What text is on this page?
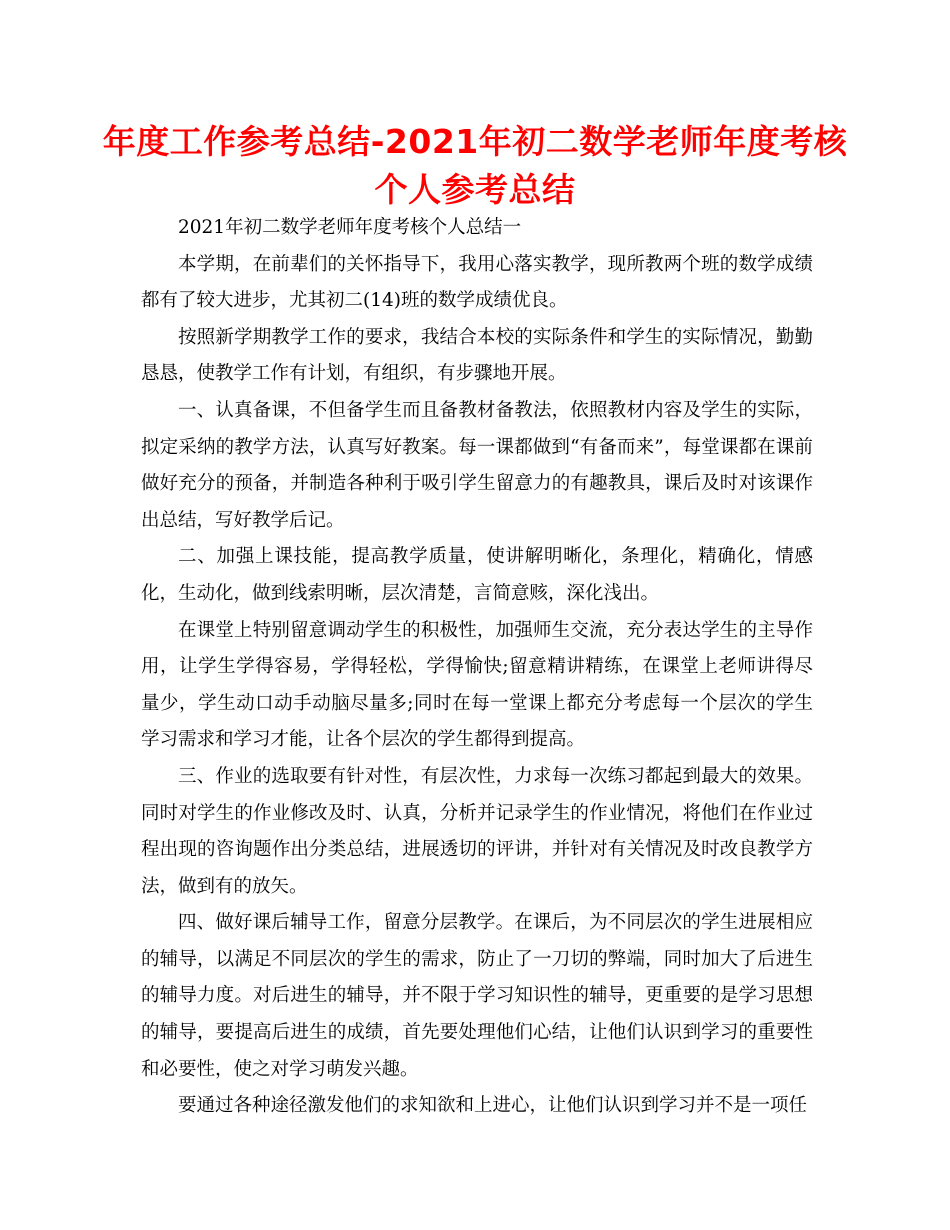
年度工作参考总结-2021年初二数学老师年度考核个人参考总结

2021年初二数学老师年度考核个人总结一

本学期，在前辈们的关怀指导下，我用心落实教学，现所教两个班的数学成绩都有了较大进步，尤其初二(14)班的数学成绩优良。

按照新学期教学工作的要求，我结合本校的实际条件和学生的实际情况，勤勤恳恳，使教学工作有计划，有组织，有步骤地开展。

一、认真备课，不但备学生而且备教材备教法，依照教材内容及学生的实际，拟定采纳的教学方法，认真写好教案。每一课都做到“有备而来”，每堂课都在课前做好充分的预备，并制造各种利于吸引学生留意力的有趣教具，课后及时对该课作出总结，写好教学后记。

二、加强上课技能，提高教学质量，使讲解明晰化，条理化，精确化，情感化，生动化，做到线索明晰，层次清楚，言简意赅，深化浅出。

在课堂上特别留意调动学生的积极性，加强师生交流，充分表达学生的主导作用，让学生学得容易，学得轻松，学得愉快;留意精讲精练，在课堂上老师讲得尽量少，学生动口动手动脑尽量多;同时在每一堂课上都充分考虑每一个层次的学生学习需求和学习才能，让各个层次的学生都得到提高。

三、作业的选取要有针对性，有层次性，力求每一次练习都起到最大的效果。同时对学生的作业修改及时、认真，分析并记录学生的作业情况，将他们在作业过程出现的咨询题作出分类总结，进展透切的评讲，并针对有关情况及时改良教学方法，做到有的放矢。

四、做好课后辅导工作，留意分层教学。在课后，为不同层次的学生进展相应的辅导，以满足不同层次的学生的需求，防止了一刀切的弊端，同时加大了后进生的辅导力度。对后进生的辅导，并不限于学习知识性的辅导，更重要的是学习思想的辅导，要提高后进生的成绩，首先要处理他们心结，让他们认识到学习的重要性和必要性，使之对学习萌发兴趣。

要通过各种途径激发他们的求知欲和上进心，让他们认识到学习并不是一项任
